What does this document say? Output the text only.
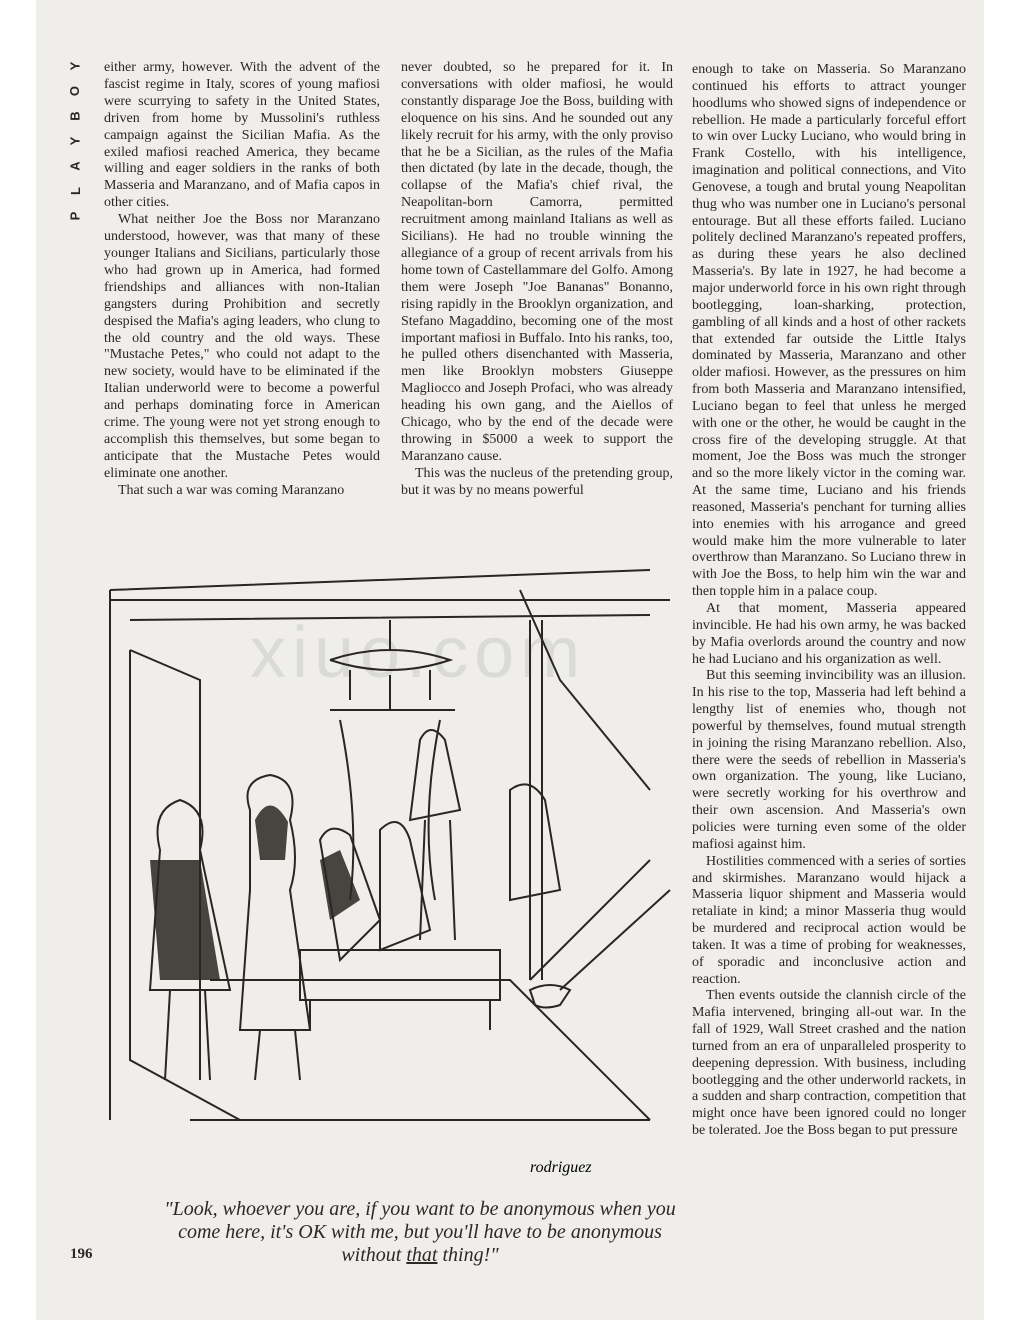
Y
O
B
Y
A
L
P

either army, however. With the advent of the fascist regime in Italy, scores of young mafiosi were scurrying to safety in the United States, driven from home by Mussolini's ruthless campaign against the Sicilian Mafia. As the exiled mafiosi reached America, they became willing and eager soldiers in the ranks of both Masseria and Maranzano, and of Mafia capos in other cities.

What neither Joe the Boss nor Maranzano understood, however, was that many of these younger Italians and Sicilians, particularly those who had grown up in America, had formed friendships and alliances with non-Italian gangsters during Prohibition and secretly despised the Mafia's aging leaders, who clung to the old country and the old ways. These "Mustache Petes," who could not adapt to the new society, would have to be eliminated if the Italian underworld were to become a powerful and perhaps dominating force in American crime. The young were not yet strong enough to accomplish this themselves, but some began to anticipate that the Mustache Petes would eliminate one another.

That such a war was coming Maranzano

never doubted, so he prepared for it. In conversations with older mafiosi, he would constantly disparage Joe the Boss, building with eloquence on his sins. And he sounded out any likely recruit for his army, with the only proviso that he be a Sicilian, as the rules of the Mafia then dictated (by late in the decade, though, the collapse of the Mafia's chief rival, the Neapolitan-born Camorra, permitted recruitment among mainland Italians as well as Sicilians). He had no trouble winning the allegiance of a group of recent arrivals from his home town of Castellammare del Golfo. Among them were Joseph "Joe Bananas" Bonanno, rising rapidly in the Brooklyn organization, and Stefano Magaddino, becoming one of the most important mafiosi in Buffalo. Into his ranks, too, he pulled others disenchanted with Masseria, men like Brooklyn mobsters Giuseppe Magliocco and Joseph Profaci, who was already heading his own gang, and the Aiellos of Chicago, who by the end of the decade were throwing in $5000 a week to support the Maranzano cause.

This was the nucleus of the pretending group, but it was by no means powerful

enough to take on Masseria. So Maranzano continued his efforts to attract younger hoodlums who showed signs of independence or rebellion. He made a particularly forceful effort to win over Lucky Luciano, who would bring in Frank Costello, with his intelligence, imagination and political connections, and Vito Genovese, a tough and brutal young Neapolitan thug who was number one in Luciano's personal entourage. But all these efforts failed. Luciano politely declined Maranzano's repeated proffers, as during these years he also declined Masseria's. By late in 1927, he had become a major underworld force in his own right through bootlegging, loan-sharking, protection, gambling of all kinds and a host of other rackets that extended far outside the Little Italys dominated by Masseria, Maranzano and other older mafiosi. However, as the pressures on him from both Masseria and Maranzano intensified, Luciano began to feel that unless he merged with one or the other, he would be caught in the cross fire of the developing struggle. At that moment, Joe the Boss was much the stronger and so the more likely victor in the coming war. At the same time, Luciano and his friends reasoned, Masseria's penchant for turning allies into enemies with his arrogance and greed would make him the more vulnerable to later overthrow than Maranzano. So Luciano threw in with Joe the Boss, to help him win the war and then topple him in a palace coup.

At that moment, Masseria appeared invincible. He had his own army, he was backed by Mafia overlords around the country and now he had Luciano and his organization as well.

But this seeming invincibility was an illusion. In his rise to the top, Masseria had left behind a lengthy list of enemies who, though not powerful by themselves, found mutual strength in joining the rising Maranzano rebellion. Also, there were the seeds of rebellion in Masseria's own organization. The young, like Luciano, were secretly working for his overthrow and their own ascension. And Masseria's own policies were turning even some of the older mafiosi against him.

Hostilities commenced with a series of sorties and skirmishes. Maranzano would hijack a Masseria liquor shipment and Masseria would retaliate in kind; a minor Masseria thug would be murdered and reciprocal action would be taken. It was a time of probing for weaknesses, of sporadic and inconclusive action and reaction.

Then events outside the clannish circle of the Mafia intervened, bringing all-out war. In the fall of 1929, Wall Street crashed and the nation turned from an era of unparalleled prosperity to deepening depression. With business, including bootlegging and the other underworld rackets, in a sudden and sharp contraction, competition that might once have been ignored could no longer be tolerated. Joe the Boss began to put pressure

xiuo.com
rodriguez
"Look, whoever you are, if you want to be anonymous when you come here, it's OK with me, but you'll have to be anonymous without that thing!"
196
